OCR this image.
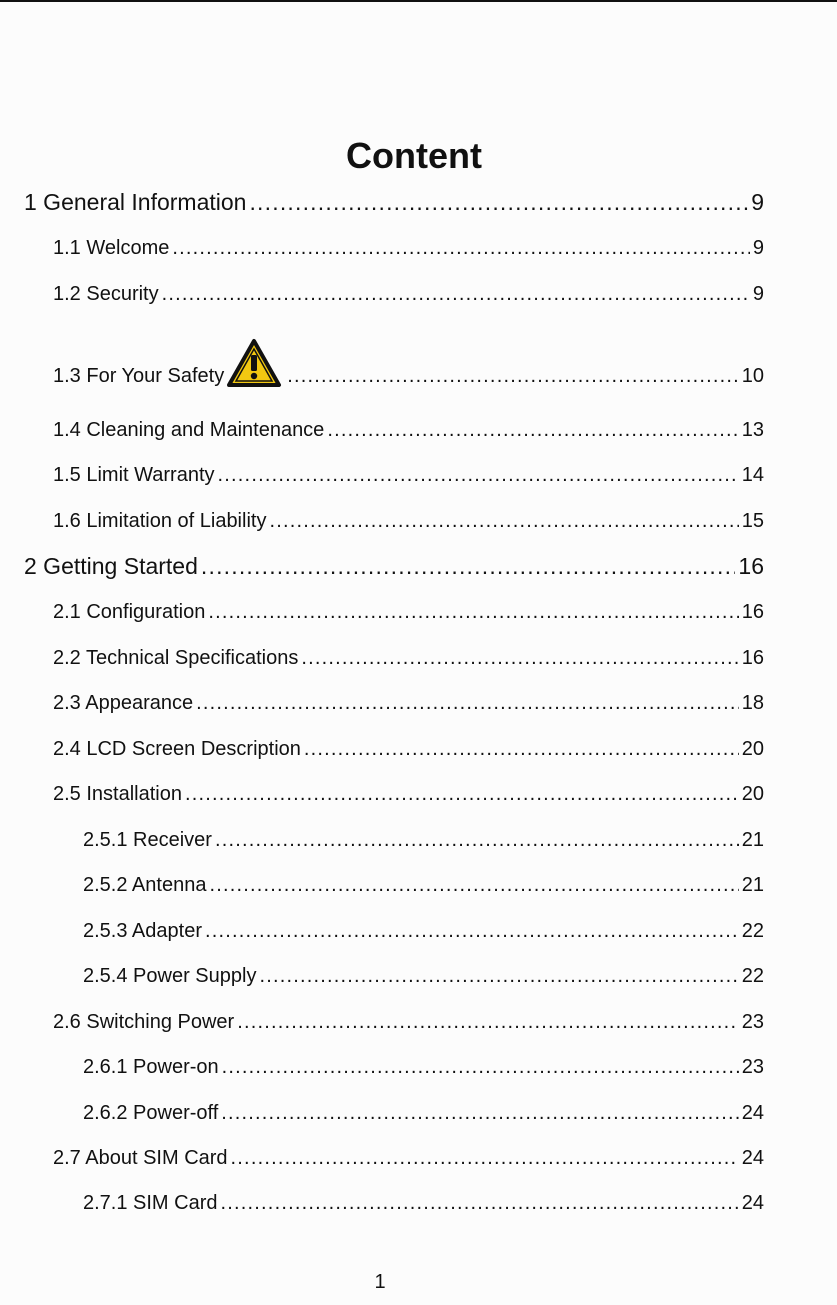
Content
1 General Information .....	9
1.1 Welcome .....	9
1.2 Security .....	9
1.3 For Your Safety .....	10
1.4 Cleaning and Maintenance .....	13
1.5 Limit Warranty .....	14
1.6 Limitation of Liability .....	15
2 Getting Started .....	16
2.1 Configuration .....	16
2.2 Technical Specifications .....	16
2.3 Appearance .....	18
2.4 LCD Screen Description .....	20
2.5 Installation .....	20
2.5.1 Receiver .....	21
2.5.2 Antenna .....	21
2.5.3 Adapter .....	22
2.5.4 Power Supply .....	22
2.6 Switching Power .....	23
2.6.1 Power-on .....	23
2.6.2 Power-off .....	24
2.7 About SIM Card .....	24
2.7.1 SIM Card .....	24
1
